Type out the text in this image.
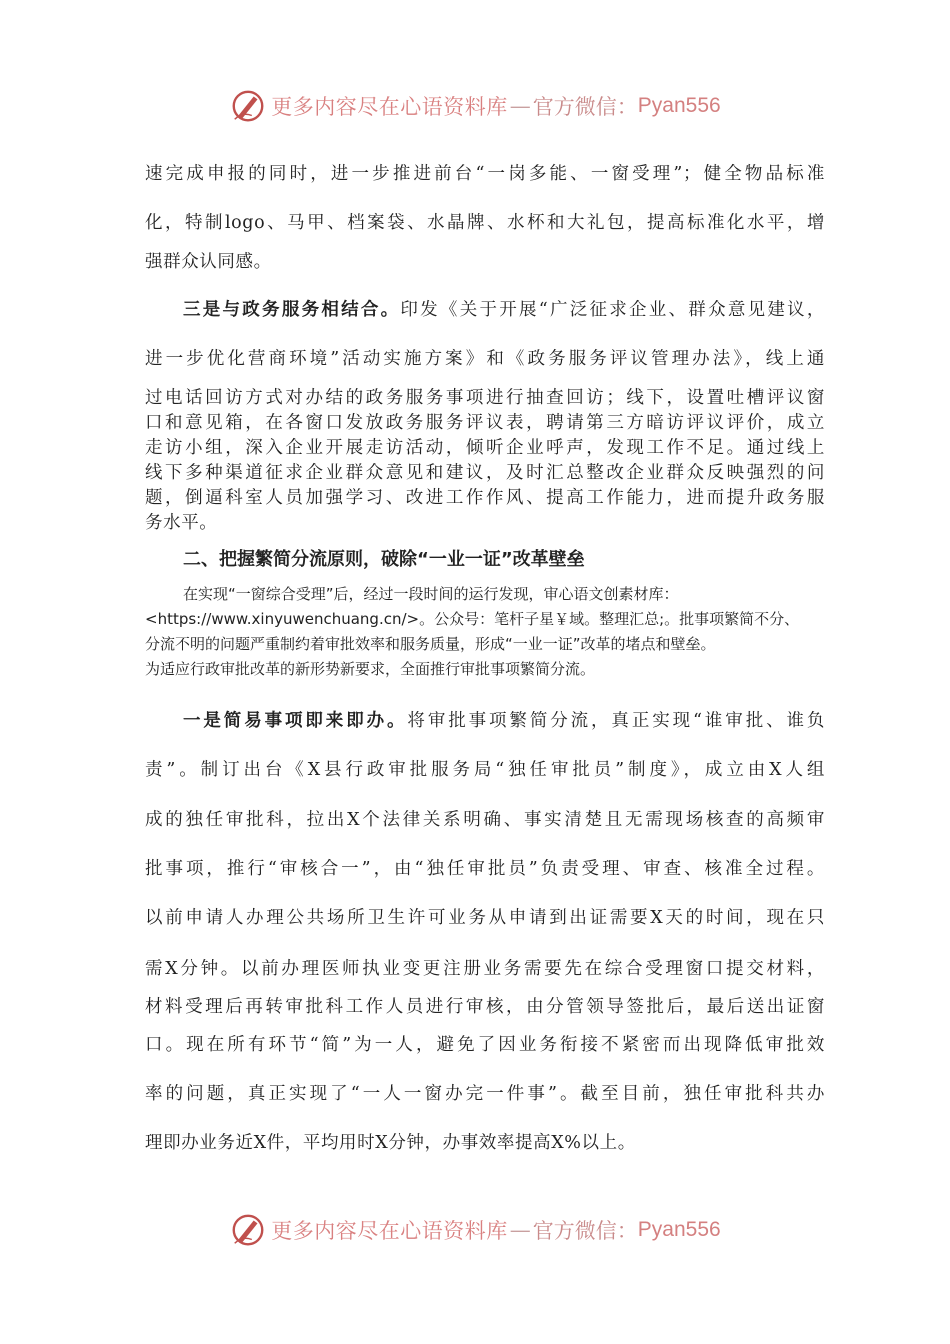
更多内容尽在心语资料库 — 官方微信： Pyan556
速完成申报的同时，进一步推进前台“一岗多能、一窗受理”；健全物品标准
化，特制logo、马甲、档案袋、水晶牌、水杯和大礼包，提高标准化水平，增
强群众认同感。
三是与政务服务相结合。印发《关于开展“广泛征求企业、群众意见建议，
进一步优化营商环境”活动实施方案》和《政务服务评议管理办法》，线上通
过电话回访方式对办结的政务服务事项进行抽查回访；线下，设置吐槽评议窗
口和意见箱，在各窗口发放政务服务评议表，聘请第三方暗访评议评价，成立
走访小组，深入企业开展走访活动，倾听企业呼声，发现工作不足。通过线上
线下多种渠道征求企业群众意见和建议，及时汇总整改企业群众反映强烈的问
题，倒逼科室人员加强学习、改进工作作风、提高工作能力，进而提升政务服
务水平。
二、把握繁简分流原则，破除“一业一证”改革壁垒
在实现“一窗综合受理”后，经过一段时间的运行发现，审心语文创素材库：
<https://www.xinyuwenchuang.cn/>。公众号：笔杆子星￥域。整理汇总;。批事项繁简不分、
分流不明的问题严重制约着审批效率和服务质量，形成“一业一证”改革的堵点和壁垒。
为适应行政审批改革的新形势新要求，全面推行审批事项繁简分流。
一是简易事项即来即办。将审批事项繁简分流，真正实现“谁审批、谁负
责”。制订出台《X县行政审批服务局“独任审批员”制度》，成立由X人组
成的独任审批科，拉出X个法律关系明确、事实清楚且无需现场核查的高频审
批事项，推行“审核合一”，由“独任审批员”负责受理、审查、核准全过程。
以前申请人办理公共场所卫生许可业务从申请到出证需要X天的时间，现在只
需X分钟。以前办理医师执业变更注册业务需要先在综合受理窗口提交材料，
材料受理后再转审批科工作人员进行审核，由分管领导签批后，最后送出证窗
口。现在所有环节“简”为一人，避免了因业务衔接不紧密而出现降低审批效
率的问题，真正实现了“一人一窗办完一件事”。截至目前，独任审批科共办
理即办业务近X件，平均用时X分钟，办事效率提高X%以上。
更多内容尽在心语资料库 — 官方微信： Pyan556
